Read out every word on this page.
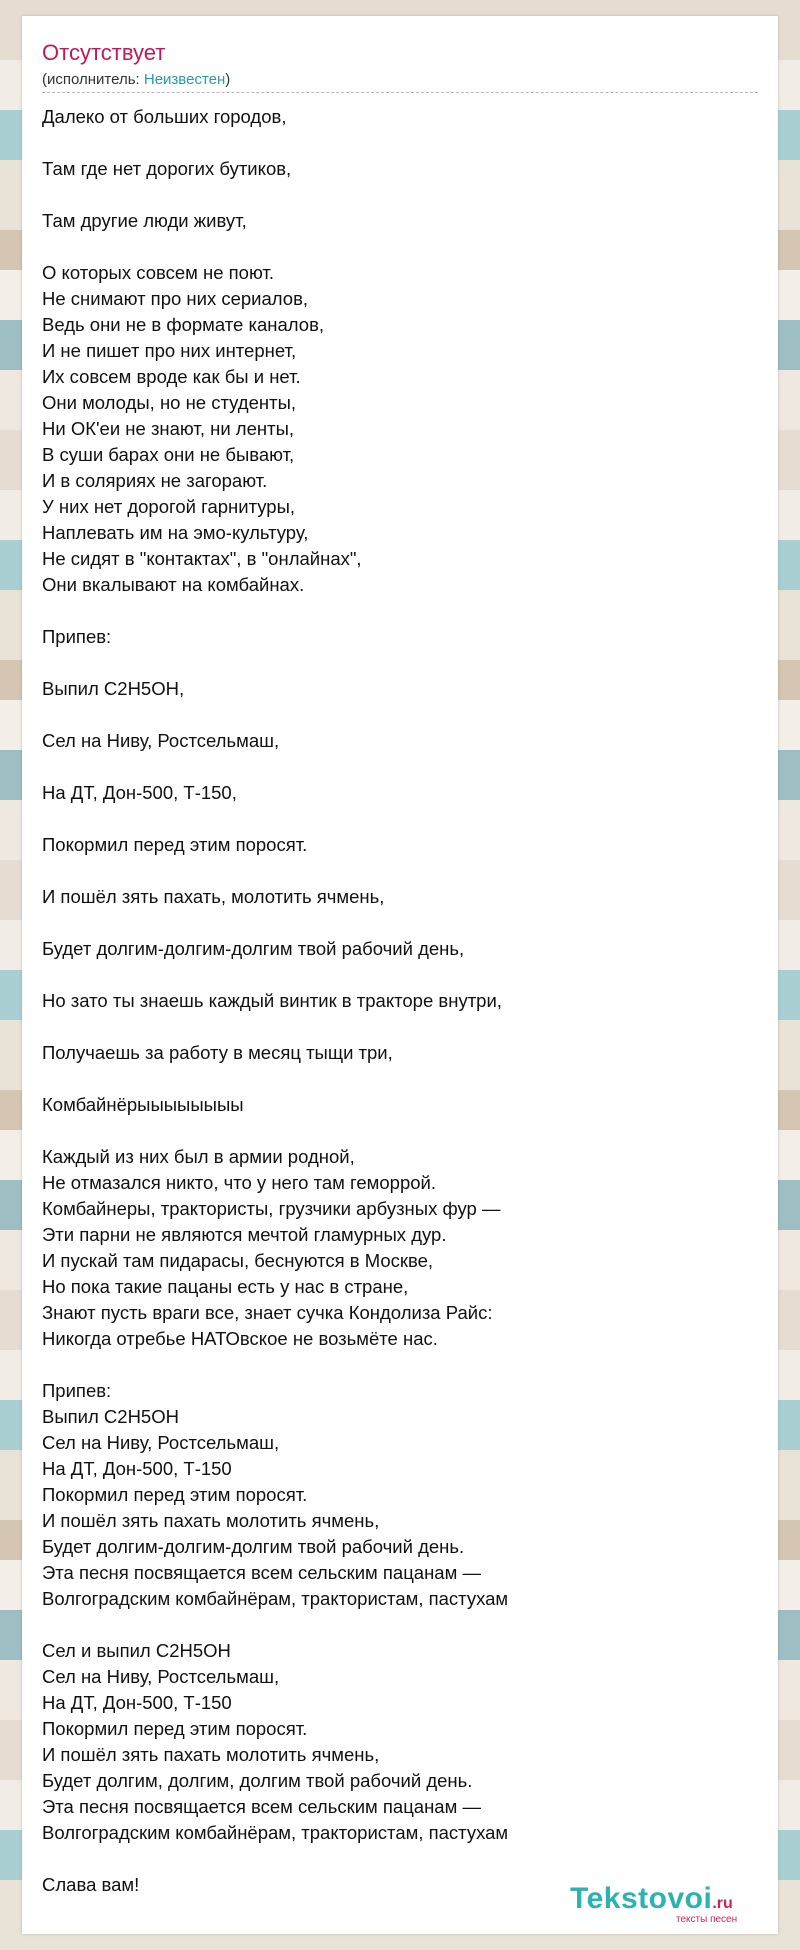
Отсутствует
(исполнитель: Неизвестен)
Далеко от больших городов,

Там где нет дорогих бутиков,

Там другие люди живут,

О которых совсем не поют.
Не снимают про них сериалов,
Ведь они не в формате каналов,
И не пишет про них интернет,
Их совсем вроде как бы и нет.
Они молоды, но не студенты,
Ни ОК'еи не знают, ни ленты,
В суши барах они не бывают,
И в соляриях не загорают.
У них нет дорогой гарнитуры,
Наплевать им на эмо-культуру,
Не сидят в "контактах", в "онлайнах",
Они вкалывают на комбайнах.

Припев:

Выпил С2Н5ОН,

Сел на Ниву, Ростсельмаш,

На ДТ, Дон-500, Т-150,

Покормил перед этим поросят.

И пошёл зять пахать, молотить ячмень,

Будет долгим-долгим-долгим твой рабочий день,

Но зато ты знаешь каждый винтик в тракторе внутри,

Получаешь за работу в месяц тыщи три,

Комбайнёрыыыыыыыы

Каждый из них был в армии родной,
Не отмазался никто, что у него там геморрой.
Комбайнеры, трактористы, грузчики арбузных фур —
Эти парни не являются мечтой гламурных дур.
И пускай там пидарасы, беснуются в Москве,
Но пока такие пацаны есть у нас в стране,
Знают пусть враги все, знает сучка Кондолиза Райс:
Никогда отребье НАТОвское не возьмёте нас.

Припев:
Выпил С2Н5ОН
Сел на Ниву, Ростсельмаш,
На ДТ, Дон-500, Т-150
Покормил перед этим поросят.
И пошёл зять пахать молотить ячмень,
Будет долгим-долгим-долгим твой рабочий день.
Эта песня посвящается всем сельским пацанам —
Волгоградским комбайнёрам, трактористам, пастухам

Сел и выпил С2Н5ОН
Сел на Ниву, Ростсельмаш,
На ДТ, Дон-500, Т-150
Покормил перед этим поросят.
И пошёл зять пахать молотить ячмень,
Будет долгим, долгим, долгим твой рабочий день.
Эта песня посвящается всем сельским пацанам —
Волгоградским комбайнёрам, трактористам, пастухам

Слава вам!	Tekstovoi.ru
тексты песен
